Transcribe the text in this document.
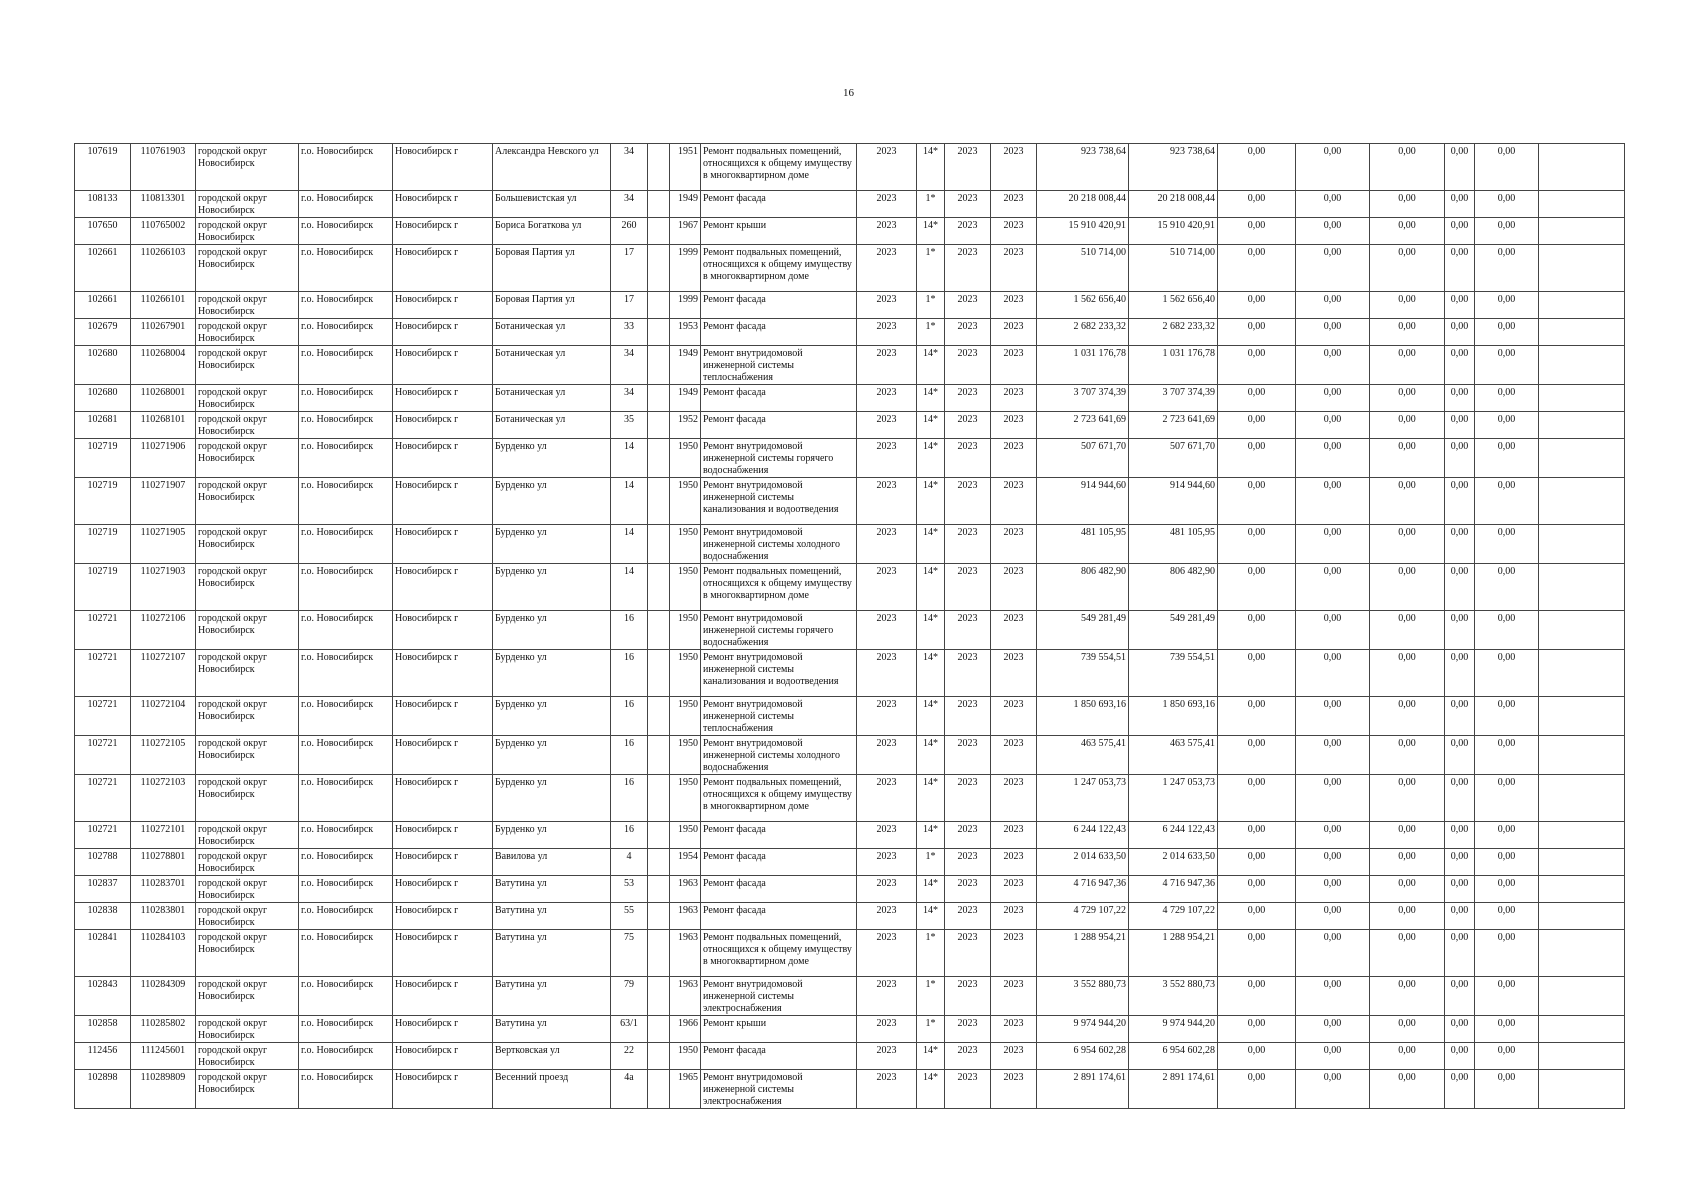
16
107619	110761903	городской округ Новосибирск	г.о. Новосибирск	Новосибирск г	Александра Невского ул	34		1951	Ремонт подвальных помещений, относящихся к общему имуществу в многоквартирном доме	2023	14*	2023	2023	923 738,64	923 738,64	0,00	0,00	0,00	0,00	0,00	
108133	110813301	городской округ Новосибирск	г.о. Новосибирск	Новосибирск г	Большевистская ул	34		1949	Ремонт фасада	2023	1*	2023	2023	20 218 008,44	20 218 008,44	0,00	0,00	0,00	0,00	0,00	
107650	110765002	городской округ Новосибирск	г.о. Новосибирск	Новосибирск г	Бориса Богаткова ул	260		1967	Ремонт крыши	2023	14*	2023	2023	15 910 420,91	15 910 420,91	0,00	0,00	0,00	0,00	0,00	
102661	110266103	городской округ Новосибирск	г.о. Новосибирск	Новосибирск г	Боровая Партия ул	17		1999	Ремонт подвальных помещений, относящихся к общему имуществу в многоквартирном доме	2023	1*	2023	2023	510 714,00	510 714,00	0,00	0,00	0,00	0,00	0,00	
102661	110266101	городской округ Новосибирск	г.о. Новосибирск	Новосибирск г	Боровая Партия ул	17		1999	Ремонт фасада	2023	1*	2023	2023	1 562 656,40	1 562 656,40	0,00	0,00	0,00	0,00	0,00	
102679	110267901	городской округ Новосибирск	г.о. Новосибирск	Новосибирск г	Ботаническая ул	33		1953	Ремонт фасада	2023	1*	2023	2023	2 682 233,32	2 682 233,32	0,00	0,00	0,00	0,00	0,00	
102680	110268004	городской округ Новосибирск	г.о. Новосибирск	Новосибирск г	Ботаническая ул	34		1949	Ремонт внутридомовой инженерной системы теплоснабжения	2023	14*	2023	2023	1 031 176,78	1 031 176,78	0,00	0,00	0,00	0,00	0,00	
102680	110268001	городской округ Новосибирск	г.о. Новосибирск	Новосибирск г	Ботаническая ул	34		1949	Ремонт фасада	2023	14*	2023	2023	3 707 374,39	3 707 374,39	0,00	0,00	0,00	0,00	0,00	
102681	110268101	городской округ Новосибирск	г.о. Новосибирск	Новосибирск г	Ботаническая ул	35		1952	Ремонт фасада	2023	14*	2023	2023	2 723 641,69	2 723 641,69	0,00	0,00	0,00	0,00	0,00	
102719	110271906	городской округ Новосибирск	г.о. Новосибирск	Новосибирск г	Бурденко ул	14		1950	Ремонт внутридомовой инженерной системы горячего водоснабжения	2023	14*	2023	2023	507 671,70	507 671,70	0,00	0,00	0,00	0,00	0,00	
102719	110271907	городской округ Новосибирск	г.о. Новосибирск	Новосибирск г	Бурденко ул	14		1950	Ремонт внутридомовой инженерной системы канализования и водоотведения	2023	14*	2023	2023	914 944,60	914 944,60	0,00	0,00	0,00	0,00	0,00	
102719	110271905	городской округ Новосибирск	г.о. Новосибирск	Новосибирск г	Бурденко ул	14		1950	Ремонт внутридомовой инженерной системы холодного водоснабжения	2023	14*	2023	2023	481 105,95	481 105,95	0,00	0,00	0,00	0,00	0,00	
102719	110271903	городской округ Новосибирск	г.о. Новосибирск	Новосибирск г	Бурденко ул	14		1950	Ремонт подвальных помещений, относящихся к общему имуществу в многоквартирном доме	2023	14*	2023	2023	806 482,90	806 482,90	0,00	0,00	0,00	0,00	0,00	
102721	110272106	городской округ Новосибирск	г.о. Новосибирск	Новосибирск г	Бурденко ул	16		1950	Ремонт внутридомовой инженерной системы горячего водоснабжения	2023	14*	2023	2023	549 281,49	549 281,49	0,00	0,00	0,00	0,00	0,00	
102721	110272107	городской округ Новосибирск	г.о. Новосибирск	Новосибирск г	Бурденко ул	16		1950	Ремонт внутридомовой инженерной системы канализования и водоотведения	2023	14*	2023	2023	739 554,51	739 554,51	0,00	0,00	0,00	0,00	0,00	
102721	110272104	городской округ Новосибирск	г.о. Новосибирск	Новосибирск г	Бурденко ул	16		1950	Ремонт внутридомовой инженерной системы теплоснабжения	2023	14*	2023	2023	1 850 693,16	1 850 693,16	0,00	0,00	0,00	0,00	0,00	
102721	110272105	городской округ Новосибирск	г.о. Новосибирск	Новосибирск г	Бурденко ул	16		1950	Ремонт внутридомовой инженерной системы холодного водоснабжения	2023	14*	2023	2023	463 575,41	463 575,41	0,00	0,00	0,00	0,00	0,00	
102721	110272103	городской округ Новосибирск	г.о. Новосибирск	Новосибирск г	Бурденко ул	16		1950	Ремонт подвальных помещений, относящихся к общему имуществу в многоквартирном доме	2023	14*	2023	2023	1 247 053,73	1 247 053,73	0,00	0,00	0,00	0,00	0,00	
102721	110272101	городской округ Новосибирск	г.о. Новосибирск	Новосибирск г	Бурденко ул	16		1950	Ремонт фасада	2023	14*	2023	2023	6 244 122,43	6 244 122,43	0,00	0,00	0,00	0,00	0,00	
102788	110278801	городской округ Новосибирск	г.о. Новосибирск	Новосибирск г	Вавилова ул	4		1954	Ремонт фасада	2023	1*	2023	2023	2 014 633,50	2 014 633,50	0,00	0,00	0,00	0,00	0,00	
102837	110283701	городской округ Новосибирск	г.о. Новосибирск	Новосибирск г	Ватутина ул	53		1963	Ремонт фасада	2023	14*	2023	2023	4 716 947,36	4 716 947,36	0,00	0,00	0,00	0,00	0,00	
102838	110283801	городской округ Новосибирск	г.о. Новосибирск	Новосибирск г	Ватутина ул	55		1963	Ремонт фасада	2023	14*	2023	2023	4 729 107,22	4 729 107,22	0,00	0,00	0,00	0,00	0,00	
102841	110284103	городской округ Новосибирск	г.о. Новосибирск	Новосибирск г	Ватутина ул	75		1963	Ремонт подвальных помещений, относящихся к общему имуществу в многоквартирном доме	2023	1*	2023	2023	1 288 954,21	1 288 954,21	0,00	0,00	0,00	0,00	0,00	
102843	110284309	городской округ Новосибирск	г.о. Новосибирск	Новосибирск г	Ватутина ул	79		1963	Ремонт внутридомовой инженерной системы электроснабжения	2023	1*	2023	2023	3 552 880,73	3 552 880,73	0,00	0,00	0,00	0,00	0,00	
102858	110285802	городской округ Новосибирск	г.о. Новосибирск	Новосибирск г	Ватутина ул	63/1		1966	Ремонт крыши	2023	1*	2023	2023	9 974 944,20	9 974 944,20	0,00	0,00	0,00	0,00	0,00	
112456	111245601	городской округ Новосибирск	г.о. Новосибирск	Новосибирск г	Вертковская ул	22		1950	Ремонт фасада	2023	14*	2023	2023	6 954 602,28	6 954 602,28	0,00	0,00	0,00	0,00	0,00	
102898	110289809	городской округ Новосибирск	г.о. Новосибирск	Новосибирск г	Весенний проезд	4а		1965	Ремонт внутридомовой инженерной системы электроснабжения	2023	14*	2023	2023	2 891 174,61	2 891 174,61	0,00	0,00	0,00	0,00	0,00	
